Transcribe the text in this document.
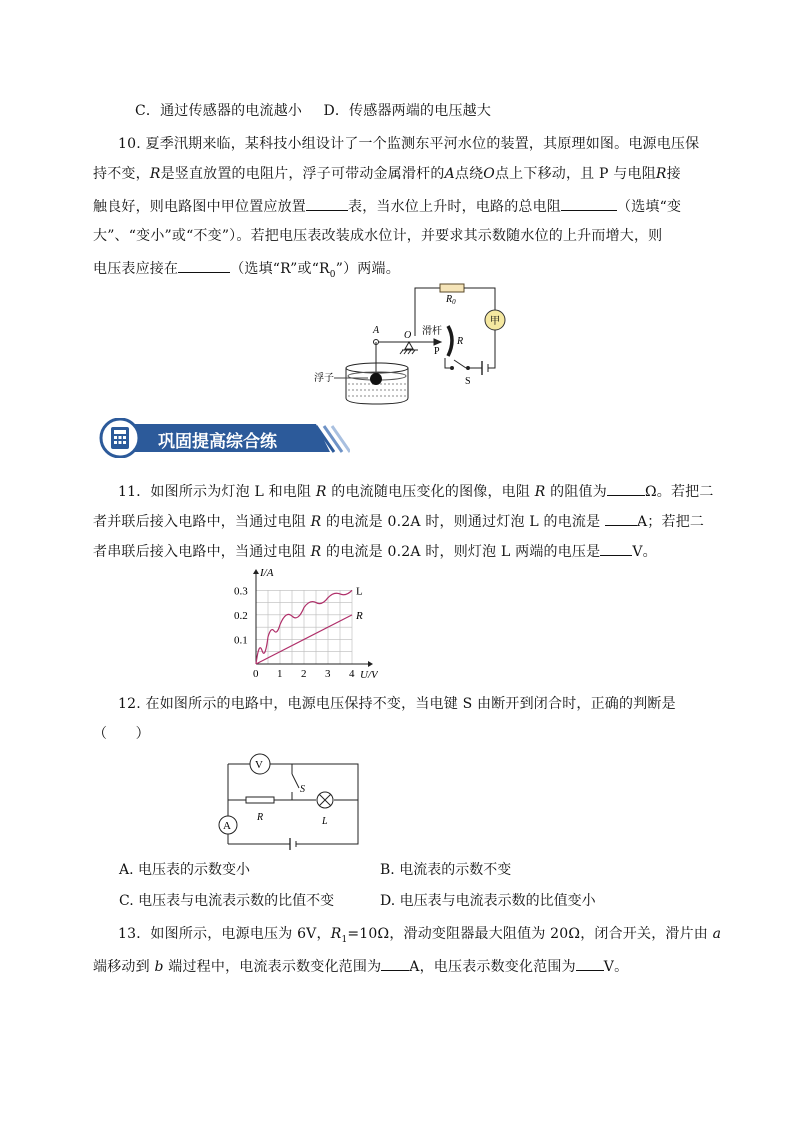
C．通过传感器的电流越小 D．传感器两端的电压越大
10. 夏季汛期来临，某科技小组设计了一个监测东平河水位的装置，其原理如图。电源电压保
持不变，R是竖直放置的电阻片，浮子可带动金属滑杆的A点绕O点上下移动，且 P 与电阻R接
触良好，则电路图中甲位置应放置	表，当水位上升时，电路的总电阻	（选填“变
大”、“变小”或“不变”）。若把电压表改装成水位计，并要求其示数随水位的上升而增大，则
电压表应接在	（选填“R”或“$R_0$”）两端。
$R_0$
甲
A O 滑杆
P
R
S
浮子
巩固提高综合练
11．如图所示为灯泡 L 和电阻 R 的电流随电压变化的图像，电阻 R 的阻值为	Ω。若把二
者并联后接入电路中，当通过电阻 R 的电流是 0.2A 时，则通过灯泡 L 的电流是 A；若把二
者串联后接入电路中，当通过电阻 R 的电流是 0.2A 时，则灯泡 L 两端的电压是 V。
0 1 2 3 4
0.1
0.2
0.3
I/A
U/V
L
R
12. 在如图所示的电路中，电源电压保持不变，当电键 S 由断开到闭合时，正确的判断是
（　　）
V
A
S
R	L
A. 电压表的示数变小	B. 电流表的示数不变
C. 电压表与电流表示数的比值不变	D. 电压表与电流表示数的比值变小
13．如图所示，电源电压为 6V，$R_1=10\Omega$，滑动变阻器最大阻值为 20Ω，闭合开关，滑片由 a
端移动到 b 端过程中，电流表示数变化范围为 A，电压表示数变化范围为 V。
